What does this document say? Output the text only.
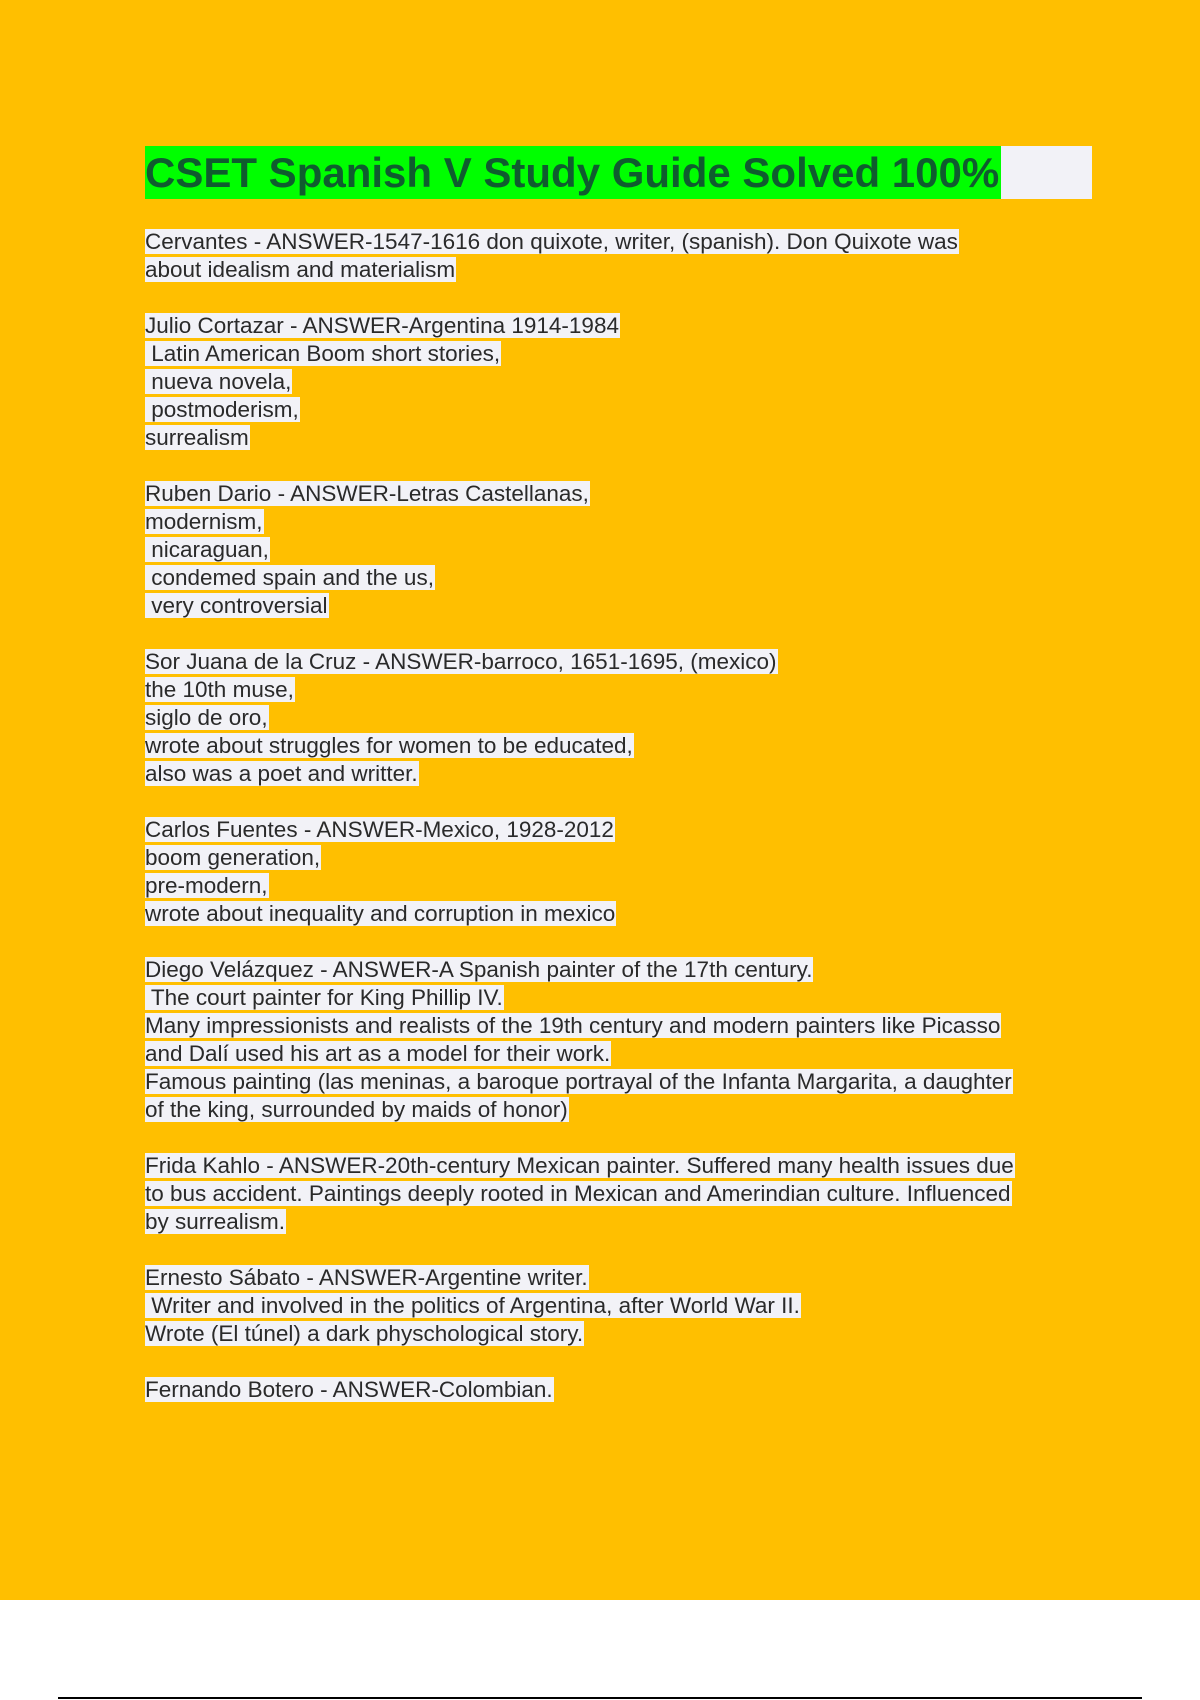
CSET Spanish V Study Guide Solved 100%
Cervantes - ANSWER-1547-1616 don quixote, writer, (spanish). Don Quixote was
about idealism and materialism
Julio Cortazar - ANSWER-Argentina 1914-1984
Latin American Boom short stories,
nueva novela,
postmoderism,
surrealism
Ruben Dario - ANSWER-Letras Castellanas,
modernism,
nicaraguan,
condemed spain and the us,
very controversial
Sor Juana de la Cruz - ANSWER-barroco, 1651-1695, (mexico)
the 10th muse,
siglo de oro,
wrote about struggles for women to be educated,
also was a poet and writter.
Carlos Fuentes - ANSWER-Mexico, 1928-2012
boom generation,
pre-modern,
wrote about inequality and corruption in mexico
Diego Velázquez - ANSWER-A Spanish painter of the 17th century.
The court painter for King Phillip IV.
Many impressionists and realists of the 19th century and modern painters like Picasso
and Dalí used his art as a model for their work.
Famous painting (las meninas, a baroque portrayal of the Infanta Margarita, a daughter
of the king, surrounded by maids of honor)
Frida Kahlo - ANSWER-20th-century Mexican painter. Suffered many health issues due
to bus accident. Paintings deeply rooted in Mexican and Amerindian culture. Influenced
by surrealism.
Ernesto Sábato - ANSWER-Argentine writer.
Writer and involved in the politics of Argentina, after World War II.
Wrote (El túnel) a dark physchological story.
Fernando Botero - ANSWER-Colombian.
